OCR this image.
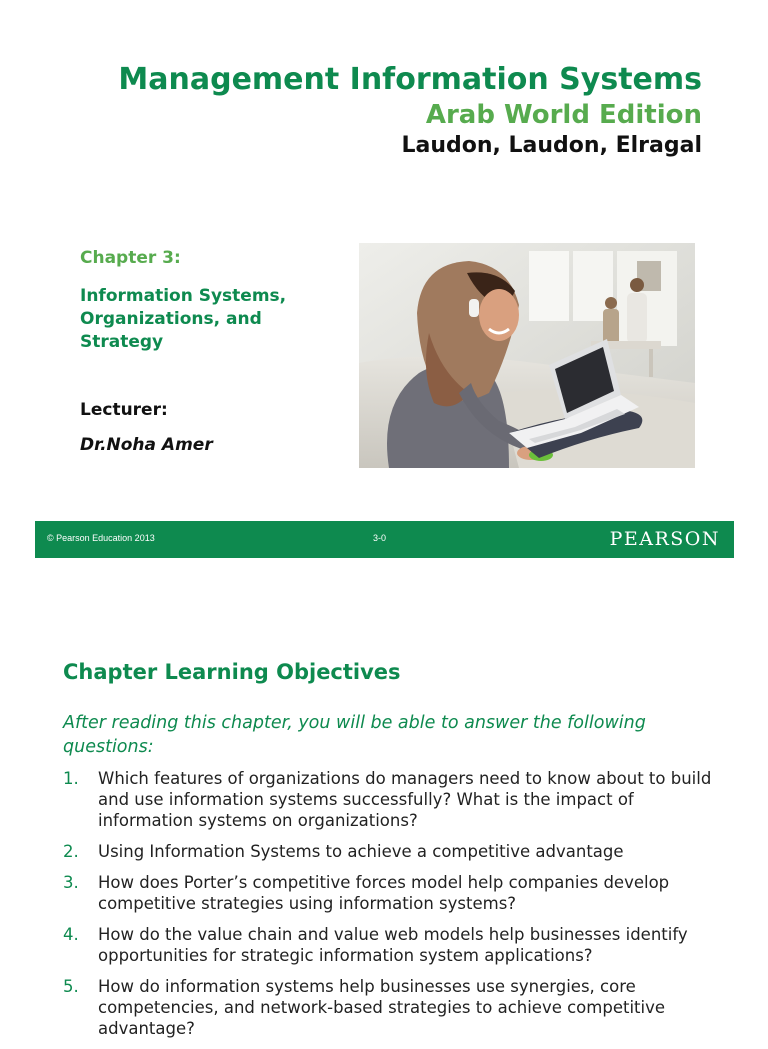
Management Information Systems
Arab World Edition
Laudon, Laudon, Elragal
Chapter 3:
Information Systems,
Organizations, and
Strategy
Lecturer:
Dr.Noha Amer
© Pearson Education 2013	3-0	PEARSON
Chapter Learning Objectives
After reading this chapter, you will be able to answer the following questions:
1. Which features of organizations do managers need to know about to build and use information systems successfully? What is the impact of information systems on organizations?
2. Using Information Systems to achieve a competitive advantage
3. How does Porter’s competitive forces model help companies develop competitive strategies using information systems?
4. How do the value chain and value web models help businesses identify opportunities for strategic information system applications?
5. How do information systems help businesses use synergies, core competencies, and network-based strategies to achieve competitive advantage?
